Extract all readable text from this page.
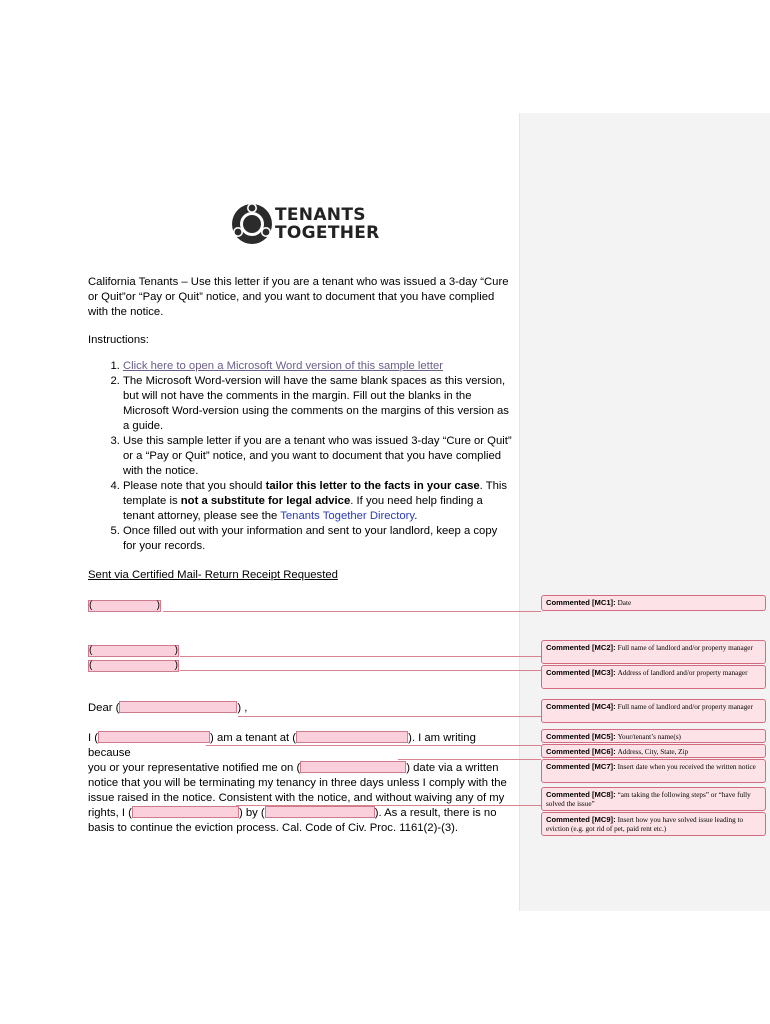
TENANTS
TOGETHER
California Tenants – Use this letter if you are a tenant who was issued a 3-day “Cure or Quit”or “Pay or Quit” notice, and you want to document that you have complied with the notice.
Instructions:
1. Click here to open a Microsoft Word version of this sample letter
2. The Microsoft Word-version will have the same blank spaces as this version, but will not have the comments in the margin. Fill out the blanks in the Microsoft Word-version using the comments on the margins of this version as a guide.
3. Use this sample letter if you are a tenant who was issued 3-day “Cure or Quit” or a “Pay or Quit” notice, and you want to document that you have complied with the notice.
4. Please note that you should tailor this letter to the facts in your case. This template is not a substitute for legal advice. If you need help finding a tenant attorney, please see the Tenants Together Directory.
5. Once filled out with your information and sent to your landlord, keep a copy for your records.
Sent via Certified Mail- Return Receipt Requested
(	)
(	)
(	)
Dear (	) ,
I (	) am a tenant at (	). I am writing because
you or your representative notified me on (	) date via a written
notice that you will be terminating my tenancy in three days unless I comply with the
issue raised in the notice. Consistent with the notice, and without waiving any of my
rights, I (	) by (	). As a result, there is no
basis to continue the eviction process. Cal. Code of Civ. Proc. 1161(2)-(3).
Commented [MC1]: Date
Commented [MC2]: Full name of landlord and/or property manager
Commented [MC3]: Address of landlord and/or property manager
Commented [MC4]: Full name of landlord and/or property manager
Commented [MC5]: Your/tenant’s name(s)
Commented [MC6]: Address, City, State, Zip
Commented [MC7]: Insert date when you received the written notice
Commented [MC8]: “am taking the following steps” or “have fully solved the issue”
Commented [MC9]: Insert how you have solved issue leading to eviction (e.g. got rid of pet, paid rent etc.)
